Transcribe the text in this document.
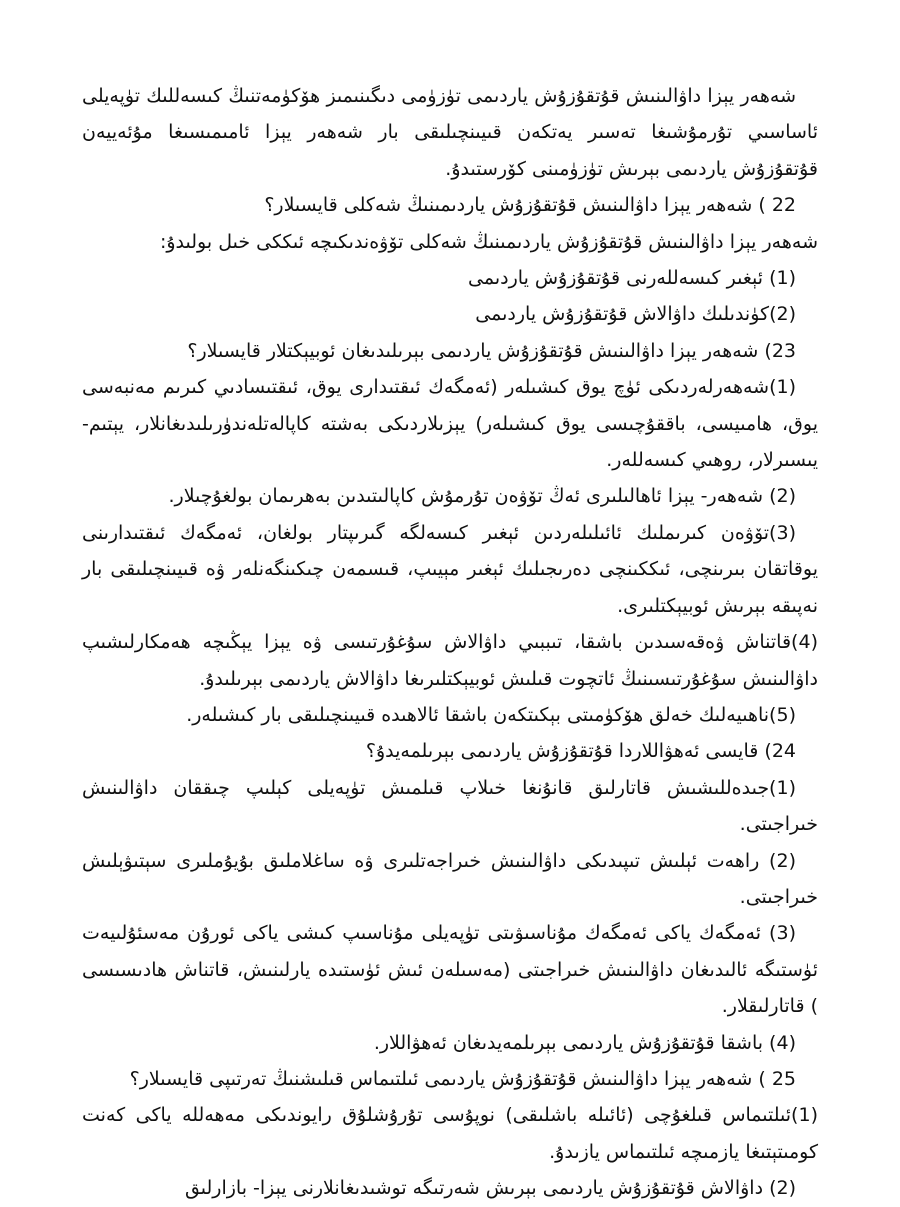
شەھەر يېزا داۋالىنىش قۇتقۇزۇش ياردىمى تۈزۈمى دىگىنىمىز ھۆكۈمەتنىڭ كىسەللىك تۈپەيلى ئاساسىي تۇرمۇشىغا تەسىر يەتكەن قىيىنچىلىقى بار شەھەر يېزا ئامىمىسىغا مۇئەييەن قۇتقۇزۇش ياردىمى بېرىش تۈزۈمىنى كۆرستىدۇ.

22 ) شەھەر يېزا داۋالىنىش قۇتقۇزۇش ياردىمىنىڭ شەكلى قايسىلار؟

شەھەر يېزا داۋالىنىش قۇتقۇزۇش ياردىمىنىڭ شەكلى تۆۋەندىكىچە ئىككى خىل بولىدۇ:

(1) ئېغىر كىسەللەرنى قۇتقۇزۇش ياردىمى

(2)كۈندىلىك داۋالاش قۇتقۇزۇش ياردىمى

23) شەھەر يېزا داۋالىنىش قۇتقۇزۇش ياردىمى بېرىلىدىغان ئوبيېكتلار قايسىلار؟

(1)شەھەرلەردىكى ئۈچ يوق كىشىلەر (ئەمگەك ئىقتىدارى يوق، ئىقتىسادىي كىرىم مەنبەسى يوق، ھامىيسى، باققۇچىسى يوق كىشىلەر) يېزىلاردىكى بەشتە كاپالەتلەندۈرىلىدىغانلار، يېتىم- يىسىرلار، روھىي كىسەللەر.

(2) شەھەر- يېزا ئاھالىلىرى ئەڭ تۆۋەن تۇرمۇش كاپالىتىدىن بەھرىمان بولغۇچىلار.

(3)تۆۋەن كىرىملىك ئائىلىلەردىن ئېغىر كىسەلگە گىرىپتار بولغان، ئەمگەك ئىقتىدارىنى يوقاتقان بىرىنچى، ئىككىنچى دەرىجىلىك ئېغىر مېيىپ، قىسمەن چىكىنگەنلەر ۋە قىيىنچىلىقى بار نەپىقە بېرىش ئوبيېكتلىرى.

(4)قاتناش ۋەقەسىدىن باشقا، تىببىي داۋالاش سۇغۇرتىسى ۋە يېزا يېڭىچە ھەمكارلىشىپ داۋالىنىش سۇغۇرتىسىنىڭ ئاتچوت قىلىش ئوبيېكتلىرىغا داۋالاش ياردىمى بېرىلىدۇ.

(5)ناھىيەلىك خەلق ھۆكۈمىتى بېكىتكەن باشقا ئالاھىدە قىيىنچىلىقى بار كىشىلەر.

24) قايسى ئەھۋاللاردا قۇتقۇزۇش ياردىمى بېرىلمەيدۇ؟

(1)جىدەللىشىش قاتارلىق قانۇنغا خىلاپ قىلمىش تۈپەيلى كېلىپ چىققان داۋالىنىش خىراجىتى.

(2) راھەت ئېلىش تىپىدىكى داۋالىنىش خىراجەتلىرى ۋە ساغلاملىق بۇيۇملىرى سېتىۋېلىش خىراجىتى.

(3) ئەمگەك ياكى ئەمگەك مۇناسىۋىتى تۈپەيلى مۇناسىپ كىشى ياكى ئورۇن مەسئۇلىيەت ئۈستىگە ئالىدىغان داۋالىنىش خىراجىتى (مەسىلەن ئىش ئۈستىدە يارلىنىش، قاتناش ھادىسىسى ) قاتارلىقلار.

(4) باشقا قۇتقۇزۇش ياردىمى بېرىلمەيدىغان ئەھۋاللار.

25 ) شەھەر يېزا داۋالىنىش قۇتقۇزۇش ياردىمى ئىلتىماس قىلىشنىڭ تەرتىپى قايسىلار؟

(1)ئىلتىماس قىلغۇچى (ئائىلە باشلىقى) نوپۇسى تۇرۇشلۇق رايوندىكى مەھەللە ياكى كەنت كومىتېتىغا يازمىچە ئىلتىماس يازىدۇ.

(2) داۋالاش قۇتقۇزۇش ياردىمى بېرىش شەرتىگە توشىدىغانلارنى يېزا- بازارلىق
